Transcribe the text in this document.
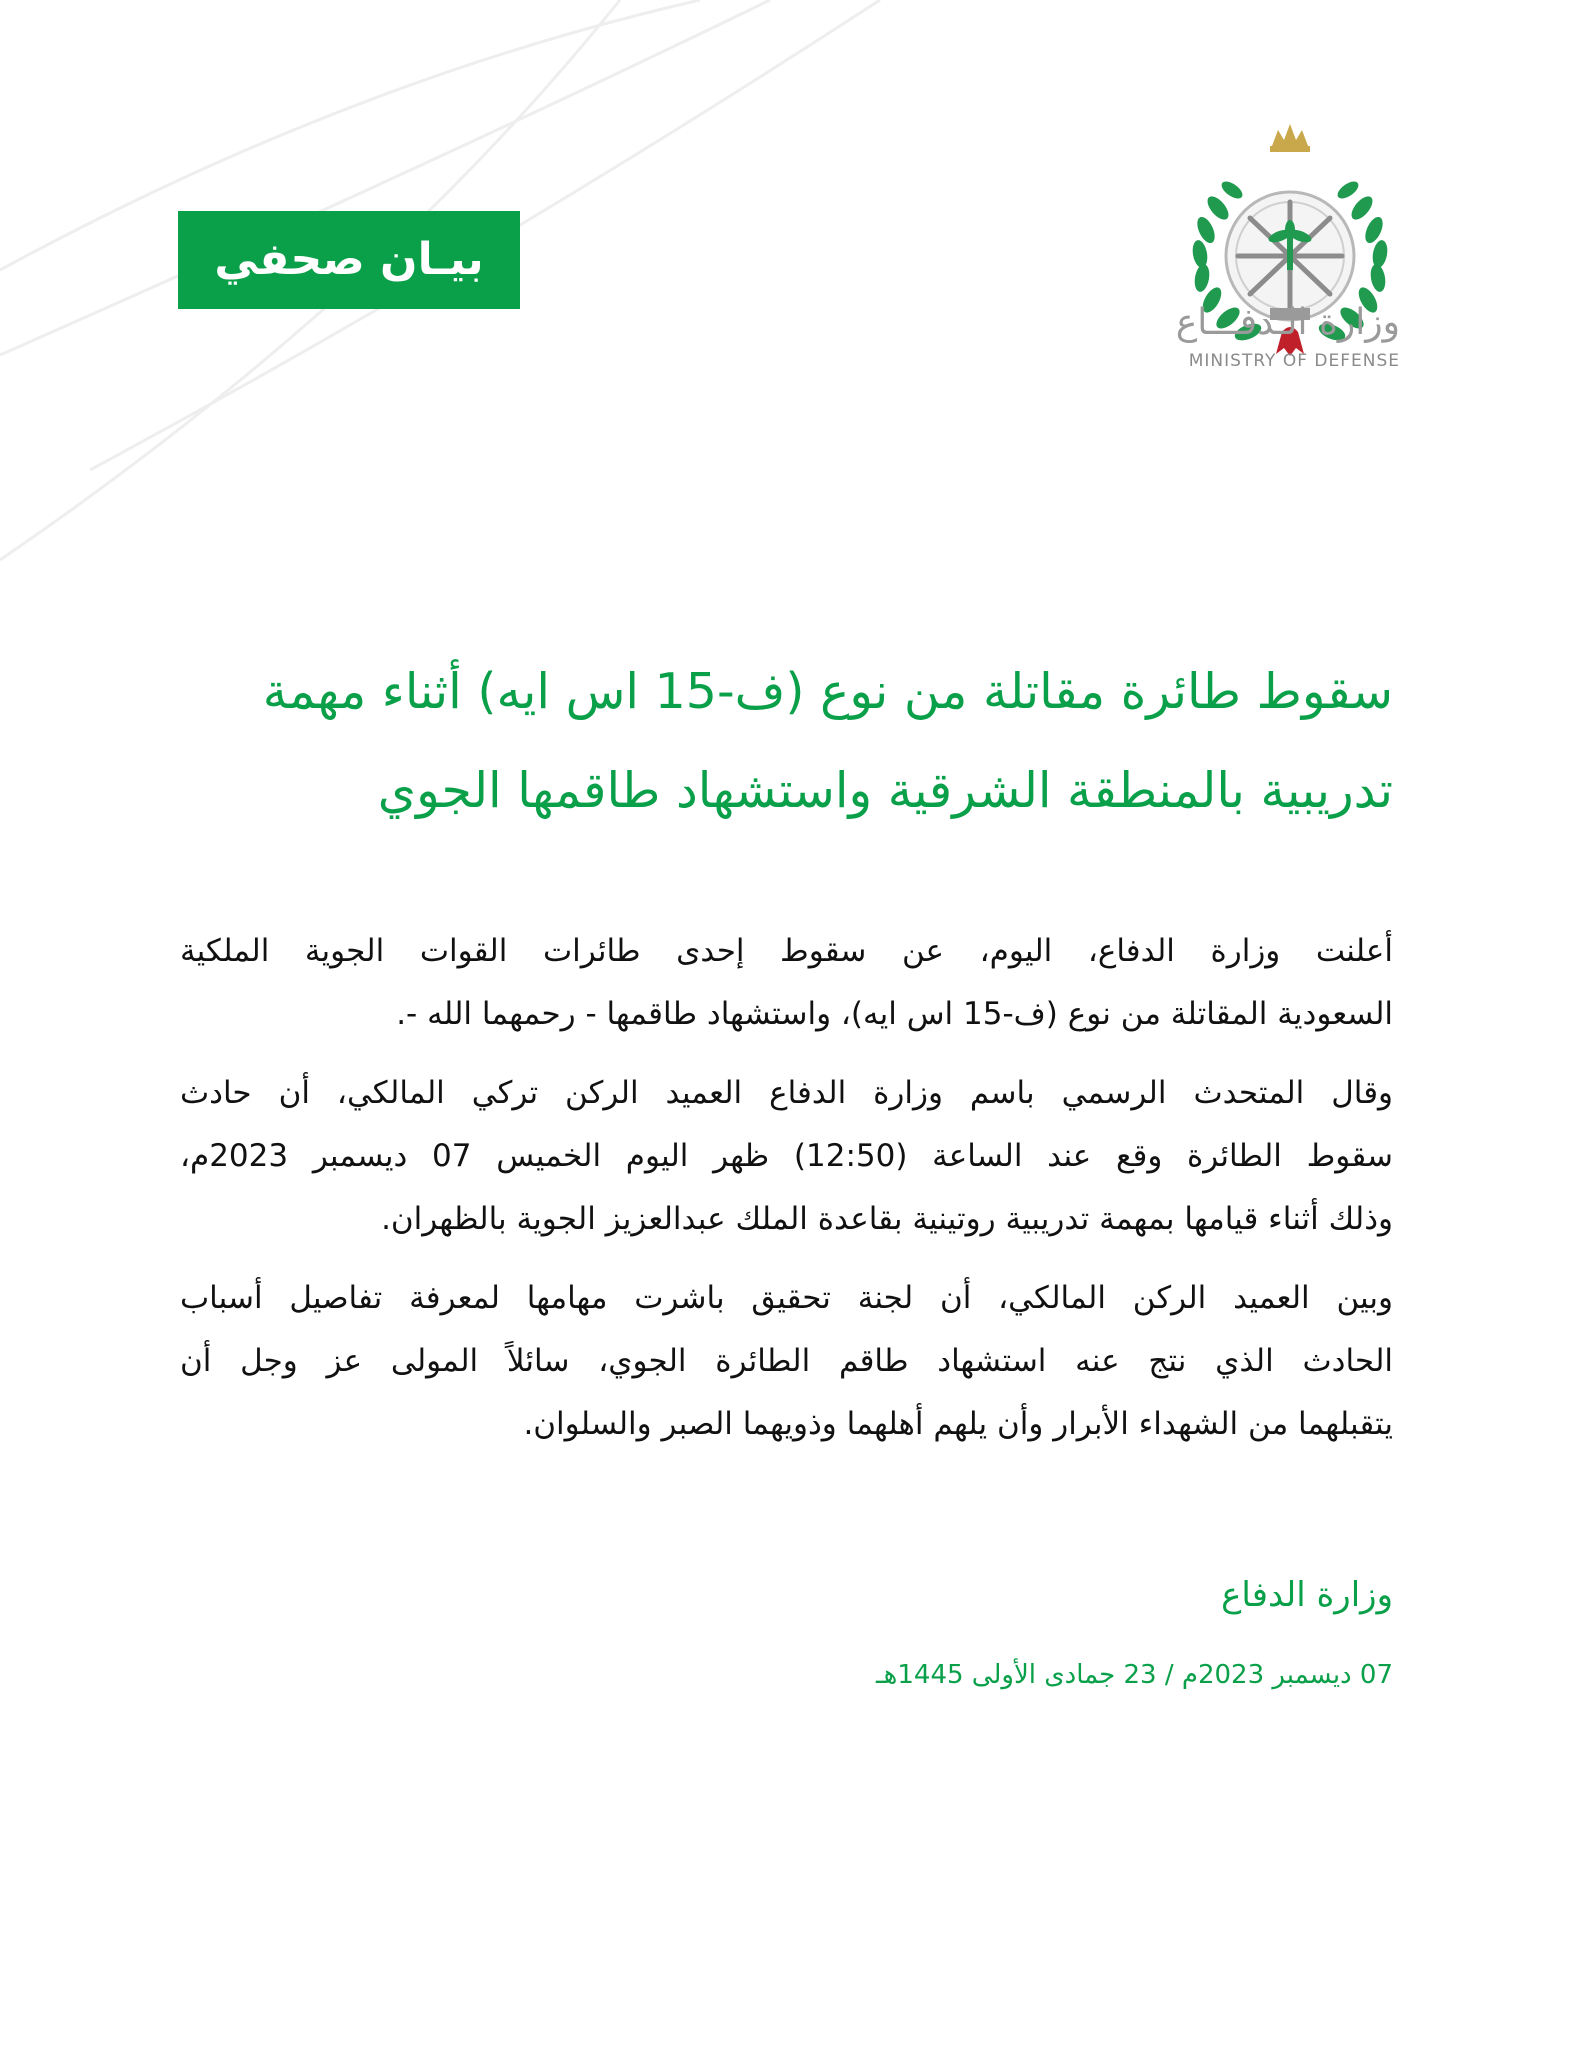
بيـان صحفي
وزارة الـدفـــاع
MINISTRY OF DEFENSE
سقوط طائرة مقاتلة من نوع (ف-15 اس ايه) أثناء مهمة
تدريبية بالمنطقة الشرقية واستشهاد طاقمها الجوي
أعلنت وزارة الدفاع، اليوم، عن سقوط إحدى طائرات القوات الجوية الملكية
السعودية المقاتلة من نوع (ف-15 اس ايه)، واستشهاد طاقمها - رحمهما الله -.
وقال المتحدث الرسمي باسم وزارة الدفاع العميد الركن تركي المالكي، أن حادث
سقوط الطائرة وقع عند الساعة (12:50) ظهر اليوم الخميس 07 ديسمبر 2023م،
وذلك أثناء قيامها بمهمة تدريبية روتينية بقاعدة الملك عبدالعزيز الجوية بالظهران.
وبين العميد الركن المالكي، أن لجنة تحقيق باشرت مهامها لمعرفة تفاصيل أسباب
الحادث الذي نتج عنه استشهاد طاقم الطائرة الجوي، سائلاً المولى عز وجل أن
يتقبلهما من الشهداء الأبرار وأن يلهم أهلهما وذويهما الصبر والسلوان.
وزارة الدفاع
07 ديسمبر 2023م / 23 جمادى الأولى 1445هـ
